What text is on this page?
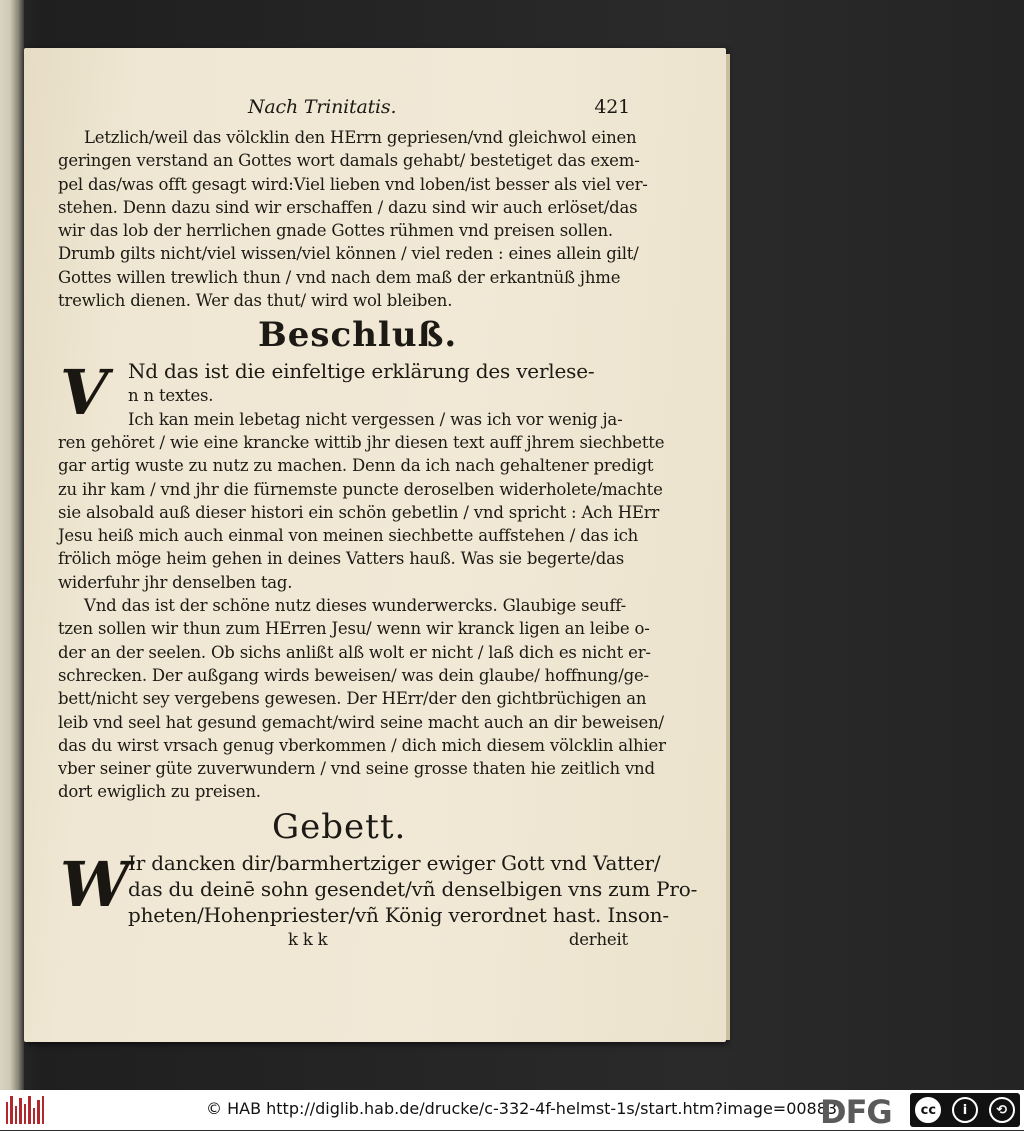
Nach Trinitatis.	421
Letzlich/weil das völcklin den HErrn gepriesen/vnd gleichwol einen
geringen verstand an Gottes wort damals gehabt/ bestetiget das exem-
pel das/was offt gesagt wird:Viel lieben vnd loben/ist besser als viel ver-
stehen. Denn dazu sind wir erschaffen / dazu sind wir auch erlöset/das
wir das lob der herrlichen gnade Gottes rühmen vnd preisen sollen.
Drumb gilts nicht/viel wissen/viel können / viel reden : eines allein gilt/
Gottes willen trewlich thun / vnd nach dem maß der erkantnüß jhme
trewlich dienen. Wer das thut/ wird wol bleiben.
Beschluß.
V	Nd das ist die einfeltige erklärung des verlese-
n n textes.
Ich kan mein lebetag nicht vergessen / was ich vor wenig ja-
ren gehöret / wie eine krancke wittib jhr diesen text auff jhrem siechbette
gar artig wuste zu nutz zu machen. Denn da ich nach gehaltener predigt
zu ihr kam / vnd jhr die fürnemste puncte deroselben widerholete/machte
sie alsobald auß dieser histori ein schön gebetlin / vnd spricht : Ach HErr
Jesu heiß mich auch einmal von meinen siechbette auffstehen / das ich
frölich möge heim gehen in deines Vatters hauß. Was sie begerte/das
widerfuhr jhr denselben tag.
Vnd das ist der schöne nutz dieses wunderwercks. Glaubige seuff-
tzen sollen wir thun zum HErren Jesu/ wenn wir kranck ligen an leibe o-
der an der seelen. Ob sichs anlißt alß wolt er nicht / laß dich es nicht er-
schrecken. Der außgang wirds beweisen/ was dein glaube/ hoffnung/ge-
bett/nicht sey vergebens gewesen. Der HErr/der den gichtbrüchigen an
leib vnd seel hat gesund gemacht/wird seine macht auch an dir beweisen/
das du wirst vrsach genug vberkommen / dich mich diesem völcklin alhier
vber seiner güte zuverwundern / vnd seine grosse thaten hie zeitlich vnd
dort ewiglich zu preisen.
Gebett.
W
Ir dancken dir/barmhertziger ewiger Gott vnd Vatter/
das du deinē sohn gesendet/vñ denselbigen vns zum Pro-
pheten/Hohenpriester/vñ König verordnet hast. Inson-
k k k	derheit
© HAB http://diglib.hab.de/drucke/c-332-4f-helmst-1s/start.htm?image=00883
DFG	cc	i	⟲
